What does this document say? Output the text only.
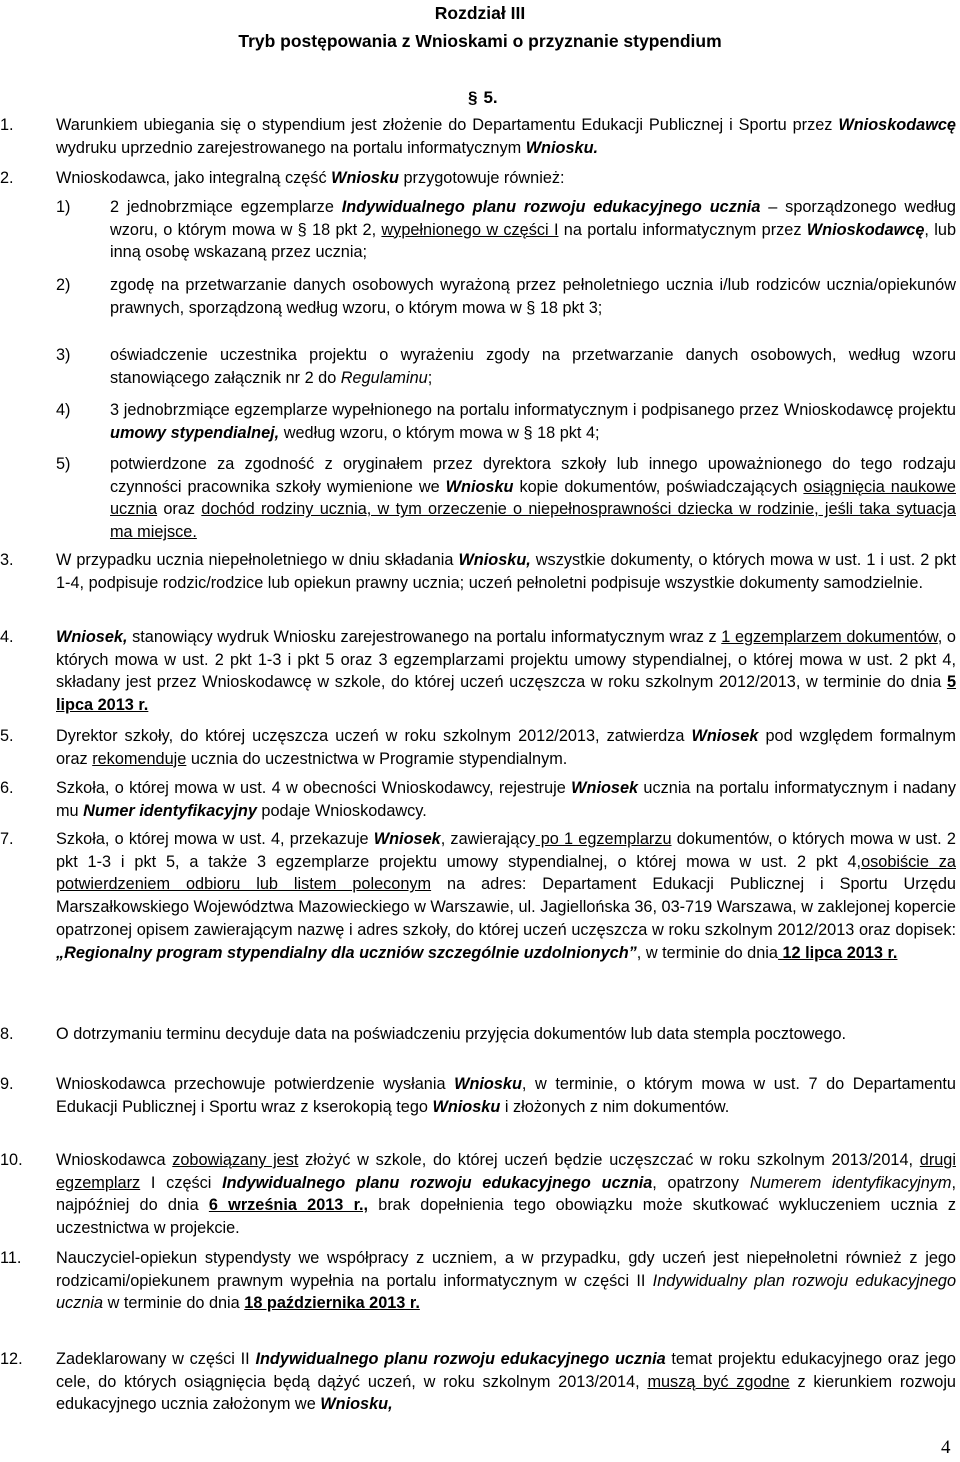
Rozdział III
Tryb postępowania z Wnioskami o przyznanie stypendium
§ 5.
1.	Warunkiem ubiegania się o stypendium jest złożenie do Departamentu Edukacji Publicznej i Sportu przez Wnioskodawcę wydruku uprzednio zarejestrowanego na portalu informatycznym Wniosku.
2.	Wnioskodawca, jako integralną część Wniosku przygotowuje również:
1) 2 jednobrzmiące egzemplarze Indywidualnego planu rozwoju edukacyjnego ucznia – sporządzonego według wzoru, o którym mowa w § 18 pkt 2, wypełnionego w części I na portalu informatycznym przez Wnioskodawcę, lub inną osobę wskazaną przez ucznia;
2) zgodę na przetwarzanie danych osobowych wyrażoną przez pełnoletniego ucznia i/lub rodziców ucznia/opiekunów prawnych, sporządzoną według wzoru, o którym mowa w § 18 pkt 3;
3) oświadczenie uczestnika projektu o wyrażeniu zgody na przetwarzanie danych osobowych, według wzoru stanowiącego załącznik nr 2 do Regulaminu;
4) 3 jednobrzmiące egzemplarze wypełnionego na portalu informatycznym i podpisanego przez Wnioskodawcę projektu umowy stypendialnej, według wzoru, o którym mowa w § 18 pkt 4;
5) potwierdzone za zgodność z oryginałem przez dyrektora szkoły lub innego upoważnionego do tego rodzaju czynności pracownika szkoły wymienione we Wniosku kopie dokumentów, poświadczających osiągnięcia naukowe ucznia oraz dochód rodziny ucznia, w tym orzeczenie o niepełnosprawności dziecka w rodzinie, jeśli taka sytuacja ma miejsce.
3.	W przypadku ucznia niepełnoletniego w dniu składania Wniosku, wszystkie dokumenty, o których mowa w ust. 1 i ust. 2 pkt 1-4, podpisuje rodzic/rodzice lub opiekun prawny ucznia; uczeń pełnoletni podpisuje wszystkie dokumenty samodzielnie.
4.	Wniosek, stanowiący wydruk Wniosku zarejestrowanego na portalu informatycznym wraz z 1 egzemplarzem dokumentów, o których mowa w ust. 2 pkt 1-3 i pkt 5 oraz 3 egzemplarzami projektu umowy stypendialnej, o której mowa w ust. 2 pkt 4, składany jest przez Wnioskodawcę w szkole, do której uczeń uczęszcza w roku szkolnym 2012/2013, w terminie do dnia 5 lipca 2013 r.
5.	Dyrektor szkoły, do której uczęszcza uczeń w roku szkolnym 2012/2013, zatwierdza Wniosek pod względem formalnym oraz rekomenduje ucznia do uczestnictwa w Programie stypendialnym.
6.	Szkoła, o której mowa w ust. 4 w obecności Wnioskodawcy, rejestruje Wniosek ucznia na portalu informatycznym i nadany mu Numer identyfikacyjny podaje Wnioskodawcy.
7.	Szkoła, o której mowa w ust. 4, przekazuje Wniosek, zawierający po 1 egzemplarzu dokumentów, o których mowa w ust. 2 pkt 1-3 i pkt 5, a także 3 egzemplarze projektu umowy stypendialnej, o której mowa w ust. 2 pkt 4,osobiście za potwierdzeniem odbioru lub listem poleconym na adres: Departament Edukacji Publicznej i Sportu Urzędu Marszałkowskiego Województwa Mazowieckiego w Warszawie, ul. Jagiellońska 36, 03-719 Warszawa, w zaklejonej kopercie opatrzonej opisem zawierającym nazwę i adres szkoły, do której uczeń uczęszcza w roku szkolnym 2012/2013 oraz dopisek: „Regionalny program stypendialny dla uczniów szczególnie uzdolnionych”, w terminie do dnia 12 lipca 2013 r.
8.	O dotrzymaniu terminu decyduje data na poświadczeniu przyjęcia dokumentów lub data stempla pocztowego.
9.	Wnioskodawca przechowuje potwierdzenie wysłania Wniosku, w terminie, o którym mowa w ust. 7 do Departamentu Edukacji Publicznej i Sportu wraz z kserokopią tego Wniosku i złożonych z nim dokumentów.
10. Wnioskodawca zobowiązany jest złożyć w szkole, do której uczeń będzie uczęszczać w roku szkolnym 2013/2014, drugi egzemplarz I części Indywidualnego planu rozwoju edukacyjnego ucznia, opatrzony Numerem identyfikacyjnym, najpóźniej do dnia 6 września 2013 r., brak dopełnienia tego obowiązku może skutkować wykluczeniem ucznia z uczestnictwa w projekcie.
11. Nauczyciel-opiekun stypendysty we współpracy z uczniem, a w przypadku, gdy uczeń jest niepełnoletni również z jego rodzicami/opiekunem prawnym wypełnia na portalu informatycznym w części II Indywidualny plan rozwoju edukacyjnego ucznia w terminie do dnia 18 października 2013 r.
12. Zadeklarowany w części II Indywidualnego planu rozwoju edukacyjnego ucznia temat projektu edukacyjnego oraz jego cele, do których osiągnięcia będą dążyć uczeń, w roku szkolnym 2013/2014, muszą być zgodne z kierunkiem rozwoju edukacyjnego ucznia założonym we Wniosku,
4
